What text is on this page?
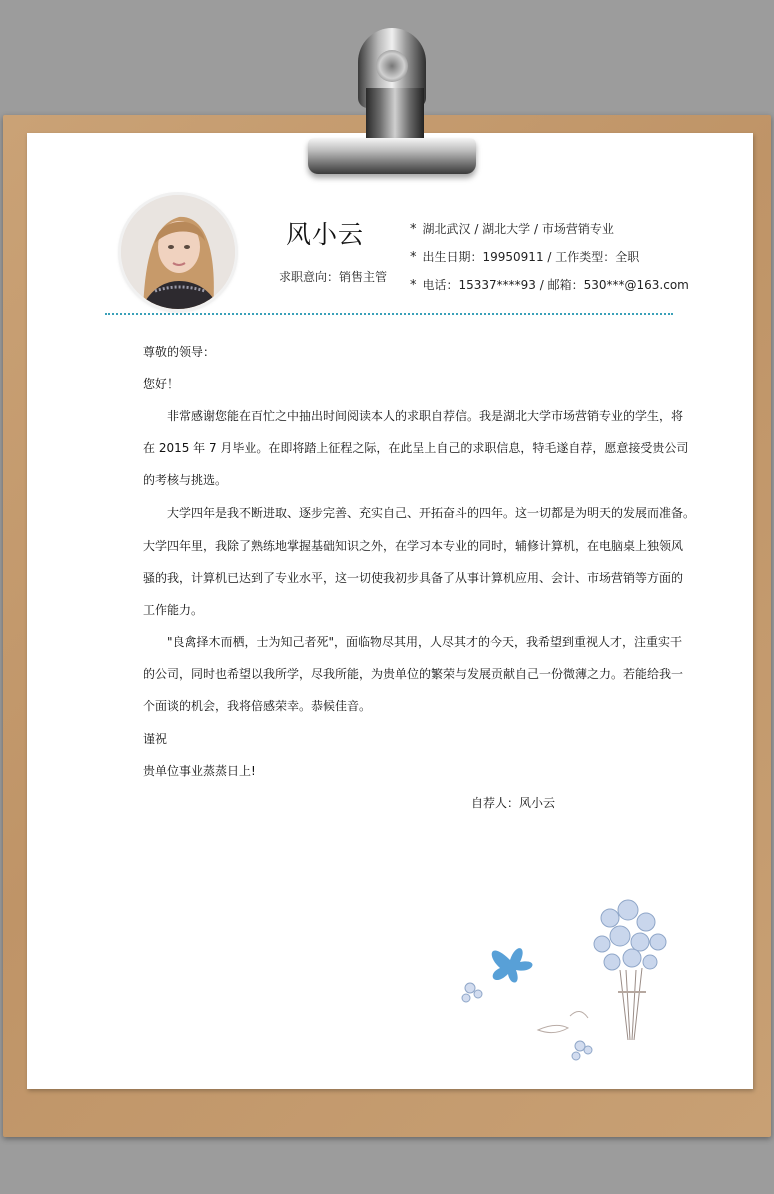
风小云
求职意向：销售主管
* 湖北武汉 / 湖北大学 / 市场营销专业
* 出生日期：19950911 / 工作类型：全职
* 电话：15337****93 / 邮箱：530***@163.com
尊敬的领导：
您好！
　　非常感谢您能在百忙之中抽出时间阅读本人的求职自荐信。我是湖北大学市场营销专业的学生，将
在 2015 年 7 月毕业。在即将踏上征程之际，在此呈上自己的求职信息，特毛遂自荐，愿意接受贵公司
的考核与挑选。
　　大学四年是我不断进取、逐步完善、充实自己、开拓奋斗的四年。这一切都是为明天的发展而准备。
大学四年里，我除了熟练地掌握基础知识之外，在学习本专业的同时，辅修计算机，在电脑桌上独领风
骚的我，计算机已达到了专业水平，这一切使我初步具备了从事计算机应用、会计、市场营销等方面的
工作能力。
　　"良禽择木而栖，士为知己者死"，面临物尽其用，人尽其才的今天，我希望到重视人才，注重实干
的公司，同时也希望以我所学，尽我所能，为贵单位的繁荣与发展贡献自己一份微薄之力。若能给我一
个面谈的机会，我将倍感荣幸。恭候佳音。
谨祝
贵单位事业蒸蒸日上!
自荐人：风小云
